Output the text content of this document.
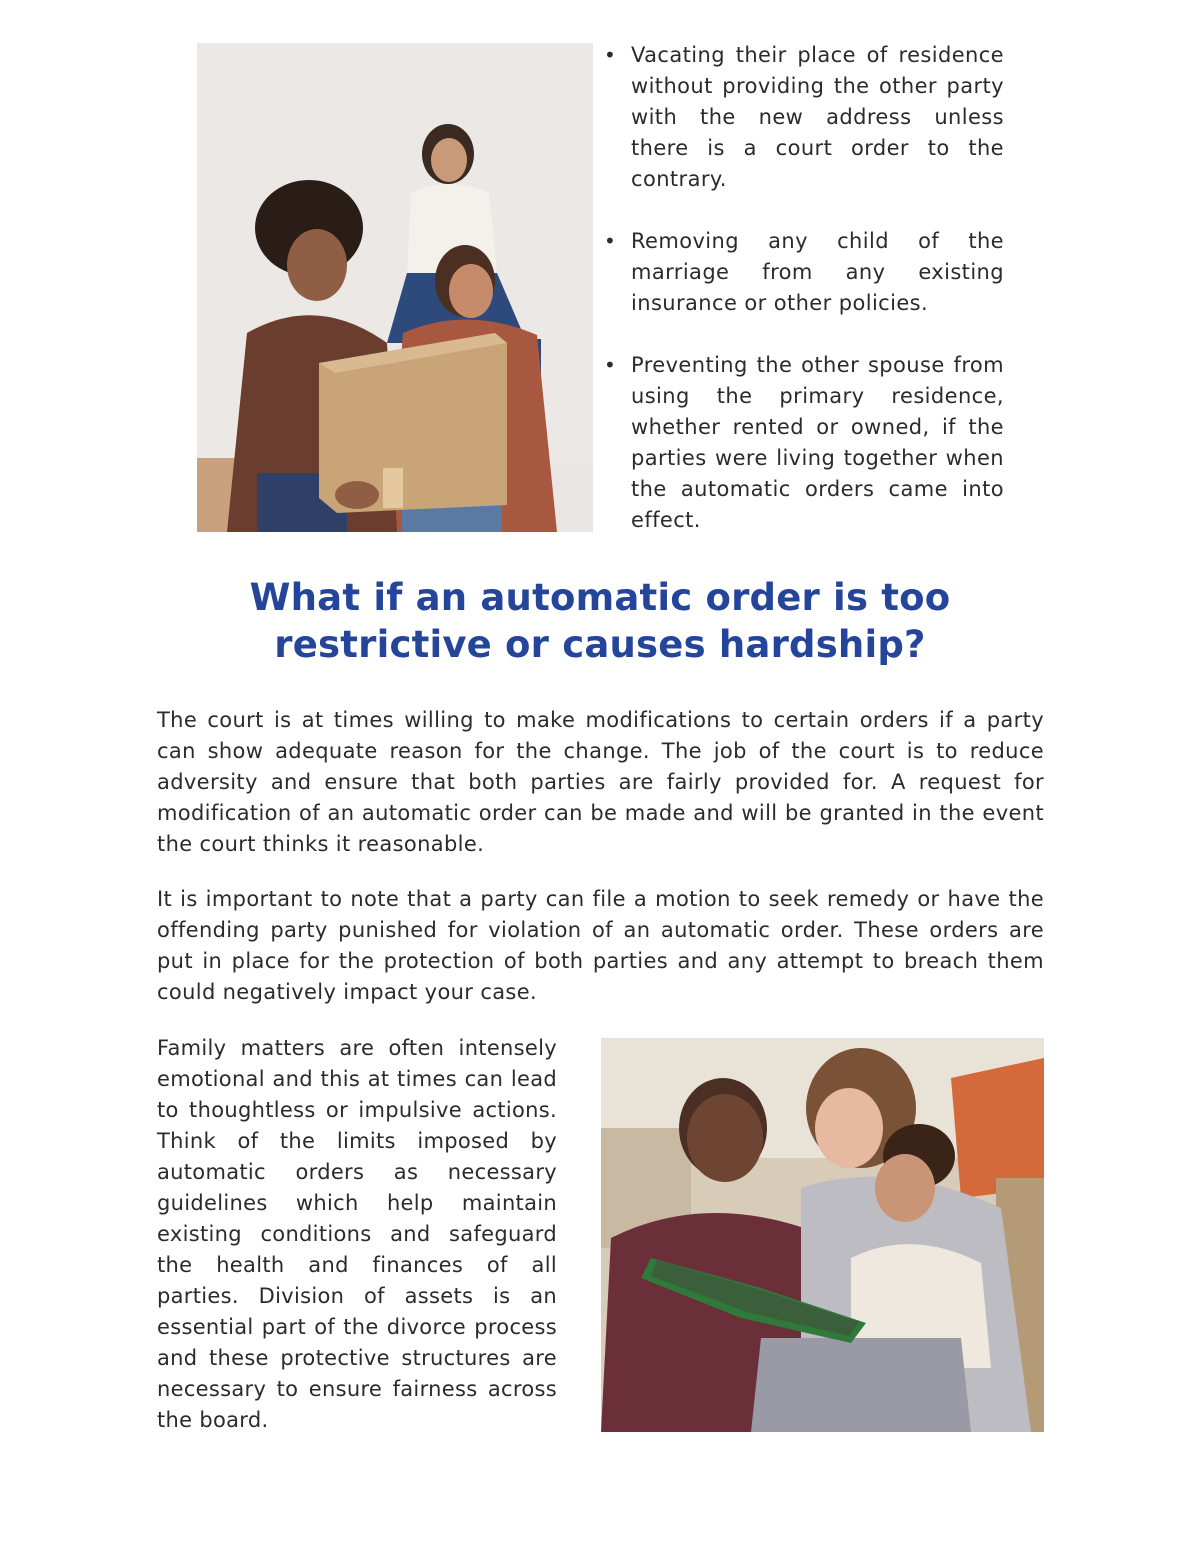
• Vacating their place of residence without providing the other party with the new address unless there is a court order to the contrary.
• Removing any child of the marriage from any existing insurance or other policies.
• Preventing the other spouse from using the primary residence, whether rented or owned, if the parties were living together when the automatic orders came into effect.
What if an automatic order is too
restrictive or causes hardship?

The court is at times willing to make modifications to certain orders if a party can show adequate reason for the change. The job of the court is to reduce adversity and ensure that both parties are fairly provided for. A request for modification of an automatic order can be made and will be granted in the event the court thinks it reasonable.

It is important to note that a party can file a motion to seek remedy or have the offending party punished for violation of an automatic order. These orders are put in place for the protection of both parties and any attempt to breach them could negatively impact your case.

Family matters are often intensely emotional and this at times can lead to thoughtless or impulsive actions. Think of the limits imposed by automatic orders as necessary guidelines which help maintain existing conditions and safeguard the health and finances of all parties. Division of assets is an essential part of the divorce process and these protective structures are necessary to ensure fairness across the board.
